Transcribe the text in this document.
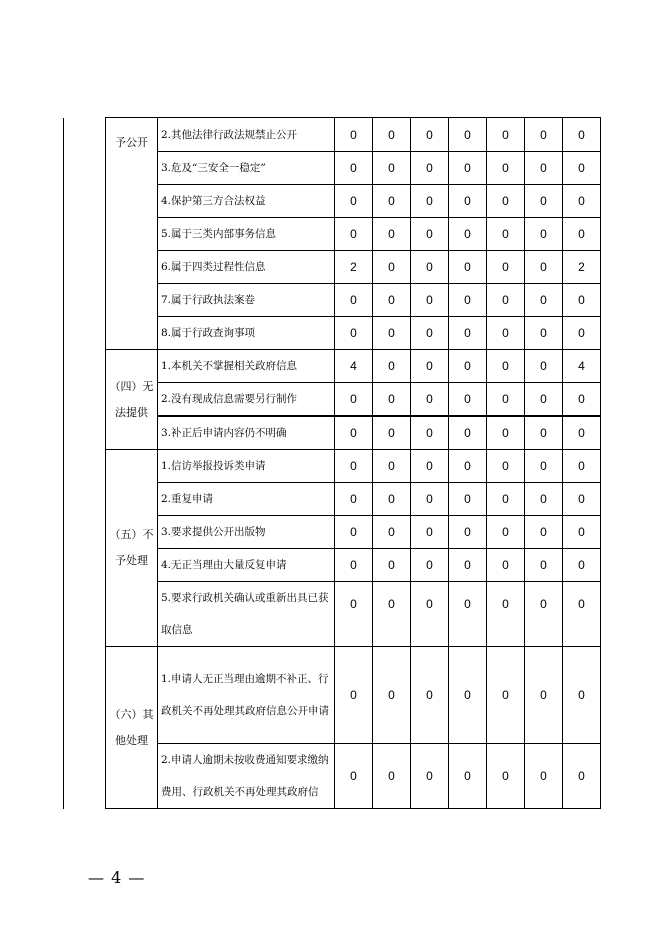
	予公开	2.其他法律行政法规禁止公开	0	0	0	0	0	0	0
		3.危及“三安全一稳定”	0	0	0	0	0	0	0
		4.保护第三方合法权益	0	0	0	0	0	0	0
		5.属于三类内部事务信息	0	0	0	0	0	0	0
		6.属于四类过程性信息	2	0	0	0	0	0	2
		7.属于行政执法案卷	0	0	0	0	0	0	0
		8.属于行政查询事项	0	0	0	0	0	0	0
	（四）无法提供	1.本机关不掌握相关政府信息	4	0	0	0	0	0	4
		2.没有现成信息需要另行制作	0	0	0	0	0	0	0
		3.补正后申请内容仍不明确	0	0	0	0	0	0	0
	（五）不予处理	1.信访举报投诉类申请	0	0	0	0	0	0	0
		2.重复申请	0	0	0	0	0	0	0
		3.要求提供公开出版物	0	0	0	0	0	0	0
		4.无正当理由大量反复申请	0	0	0	0	0	0	0
		5.要求行政机关确认或重新出具已获取信息	0	0	0	0	0	0	0
	（六）其他处理	1.申请人无正当理由逾期不补正、行政机关不再处理其政府信息公开申请	0	0	0	0	0	0	0
		2.申请人逾期未按收费通知要求缴纳费用、行政机关不再处理其政府信	0	0	0	0	0	0	0
— 4 —
